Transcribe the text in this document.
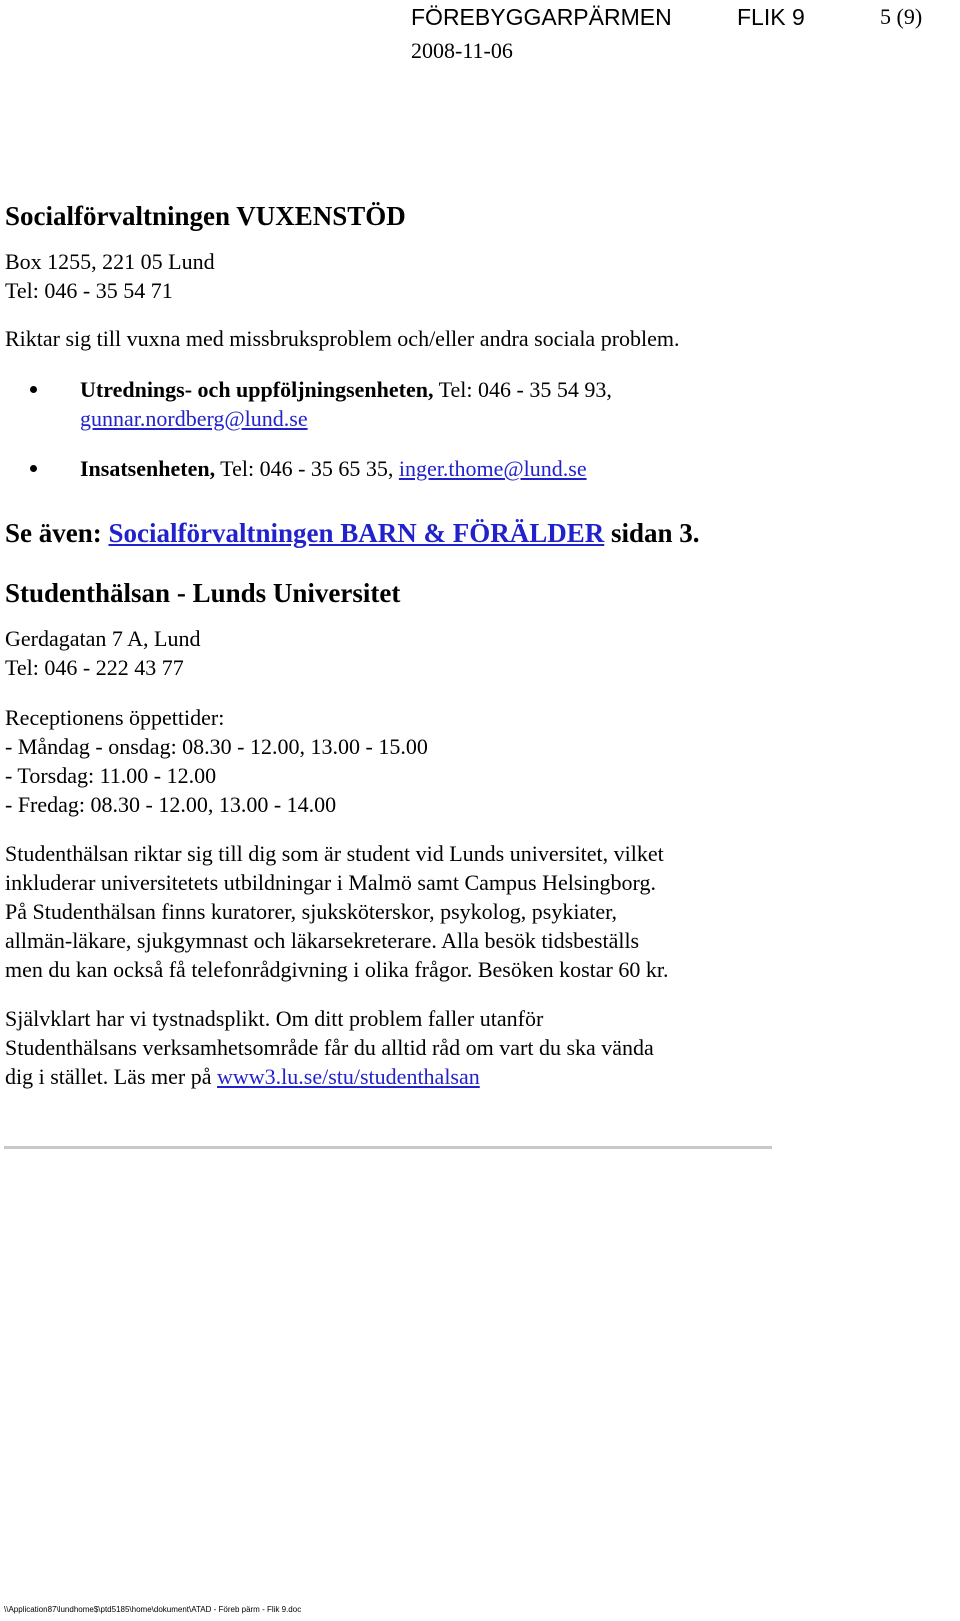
FÖREBYGGARPÄRMEN	FLIK 9	5 (9)
2008-11-06
Socialförvaltningen VUXENSTÖD
Box 1255, 221 05 Lund
Tel: 046 - 35 54 71
Riktar sig till vuxna med missbruksproblem och/eller andra sociala problem.
Utrednings- och uppföljningsenheten, Tel: 046 - 35 54 93,
gunnar.nordberg@lund.se
Insatsenheten, Tel: 046 - 35 65 35, inger.thome@lund.se
Se även: Socialförvaltningen BARN & FÖRÄLDER sidan 3.
Studenthälsan - Lunds Universitet
Gerdagatan 7 A, Lund
Tel: 046 - 222 43 77
Receptionens öppettider:
- Måndag - onsdag: 08.30 - 12.00, 13.00 - 15.00
- Torsdag: 11.00 - 12.00
- Fredag: 08.30 - 12.00, 13.00 - 14.00
Studenthälsan riktar sig till dig som är student vid Lunds universitet, vilket
inkluderar universitetets utbildningar i Malmö samt Campus Helsingborg.
På Studenthälsan finns kuratorer, sjuksköterskor, psykolog, psykiater,
allmän-läkare, sjukgymnast och läkarsekreterare. Alla besök tidsbeställs
men du kan också få telefonrådgivning i olika frågor. Besöken kostar 60 kr.
Självklart har vi tystnadsplikt. Om ditt problem faller utanför
Studenthälsans verksamhetsområde får du alltid råd om vart du ska vända
dig i stället. Läs mer på www3.lu.se/stu/studenthalsan
\\Application87\lundhome$\ptd5185\home\dokument\ATAD - Föreb pärm - Flik 9.doc
